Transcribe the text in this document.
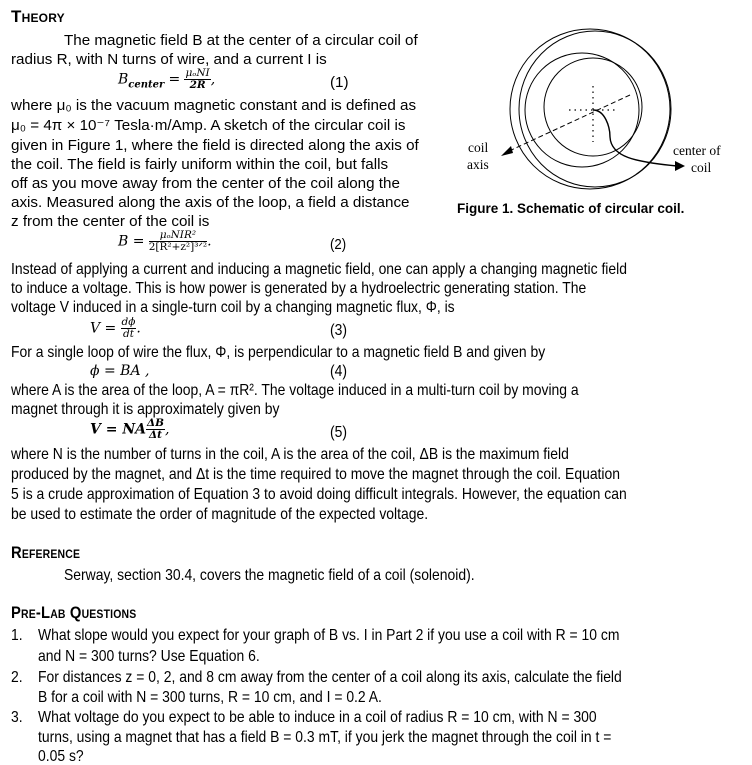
Theory
The magnetic field B at the center of a circular coil of
radius R, with N turns of wire, and a current I is
$B_{center} = \frac{\text{μₒNI}}{2R}$ ,	(1)
where μ₀ is the vacuum magnetic constant and is defined as
μ₀ = 4π × 10⁻⁷ Tesla·m/Amp. A sketch of the circular coil is
given in Figure 1, where the field is directed along the axis of
the coil. The field is fairly uniform within the coil, but falls
off as you move away from the center of the coil along the
axis. Measured along the axis of the loop, a field a distance
z from the center of the coil is
coil
axis
center of
coil
Figure 1. Schematic of circular coil.
$B = \frac{\text{μₒNIR²}}{\text{2[R²+z²]³ᐟ²}}$ .	(2)
Instead of applying a current and inducing a magnetic field, one can apply a changing magnetic field
to induce a voltage. This is how power is generated by a hydroelectric generating station. The
voltage V induced in a single-turn coil by a changing magnetic flux, Φ, is
$V = \frac{d\phi}{dt}$ .	(3)
For a single loop of wire the flux, Φ, is perpendicular to a magnetic field B and given by
ϕ = BA ,	(4)
where A is the area of the loop, A = πR². The voltage induced in a multi-turn coil by moving a
magnet through it is approximately given by
V = NA $\frac{\Delta B}{\Delta t}$ ,	(5)
where N is the number of turns in the coil, A is the area of the coil, ΔB is the maximum field
produced by the magnet, and Δt is the time required to move the magnet through the coil. Equation
5 is a crude approximation of Equation 3 to avoid doing difficult integrals. However, the equation can
be used to estimate the order of magnitude of the expected voltage.
Reference
Serway, section 30.4, covers the magnetic field of a coil (solenoid).
Pre-Lab Questions
1. What slope would you expect for your graph of B vs. I in Part 2 if you use a coil with R = 10 cm
and N = 300 turns? Use Equation 6.
2. For distances z = 0, 2, and 8 cm away from the center of a coil along its axis, calculate the field
B for a coil with N = 300 turns, R = 10 cm, and I = 0.2 A.
3. What voltage do you expect to be able to induce in a coil of radius R = 10 cm, with N = 300
turns, using a magnet that has a field B = 0.3 mT, if you jerk the magnet through the coil in t =
0.05 s?
